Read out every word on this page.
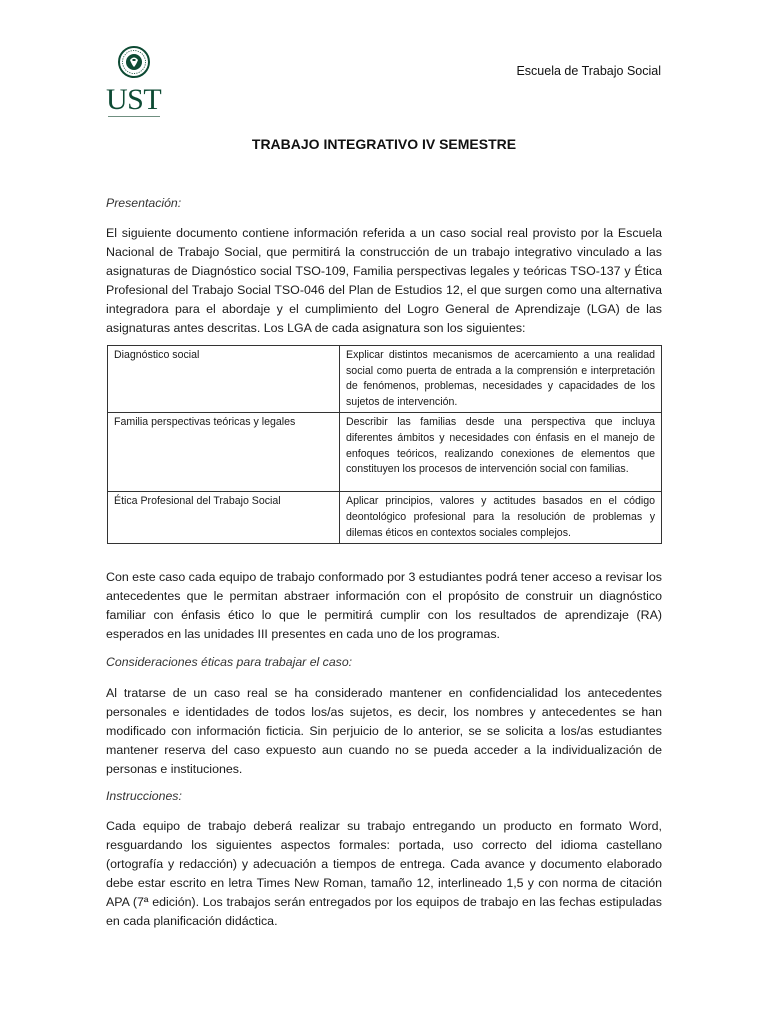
UST
Escuela de Trabajo Social
TRABAJO INTEGRATIVO IV SEMESTRE
Presentación:
El siguiente documento contiene información referida a un caso social real provisto por la Escuela Nacional de Trabajo Social, que permitirá la construcción de un trabajo integrativo vinculado a las asignaturas de Diagnóstico social TSO-109, Familia perspectivas legales y teóricas TSO-137 y Ética Profesional del Trabajo Social TSO-046 del Plan de Estudios 12, el que surgen como una alternativa integradora para el abordaje y el cumplimiento del Logro General de Aprendizaje (LGA) de las asignaturas antes descritas. Los LGA de cada asignatura son los siguientes:
Diagnóstico social	Explicar distintos mecanismos de acercamiento a una realidad social como puerta de entrada a la comprensión e interpretación de fenómenos, problemas, necesidades y capacidades de los sujetos de intervención.
Familia perspectivas teóricas y legales	Describir las familias desde una perspectiva que incluya diferentes ámbitos y necesidades con énfasis en el manejo de enfoques teóricos, realizando conexiones de elementos que constituyen los procesos de intervención social con familias.
Ética Profesional del Trabajo Social	Aplicar principios, valores y actitudes basados en el código deontológico profesional para la resolución de problemas y dilemas éticos en contextos sociales complejos.
Con este caso cada equipo de trabajo conformado por 3 estudiantes podrá tener acceso a revisar los antecedentes que le permitan abstraer información con el propósito de construir un diagnóstico familiar con énfasis ético lo que le permitirá cumplir con los resultados de aprendizaje (RA) esperados en las unidades III presentes en cada uno de los programas.
Consideraciones éticas para trabajar el caso:
Al tratarse de un caso real se ha considerado mantener en confidencialidad los antecedentes personales e identidades de todos los/as sujetos, es decir, los nombres y antecedentes se han modificado con información ficticia. Sin perjuicio de lo anterior, se se solicita a los/as estudiantes mantener reserva del caso expuesto aun cuando no se pueda acceder a la individualización de personas e instituciones.
Instrucciones:
Cada equipo de trabajo deberá realizar su trabajo entregando un producto en formato Word, resguardando los siguientes aspectos formales: portada, uso correcto del idioma castellano (ortografía y redacción) y adecuación a tiempos de entrega. Cada avance y documento elaborado debe estar escrito en letra Times New Roman, tamaño 12, interlineado 1,5 y con norma de citación APA (7ª edición). Los trabajos serán entregados por los equipos de trabajo en las fechas estipuladas en cada planificación didáctica.
